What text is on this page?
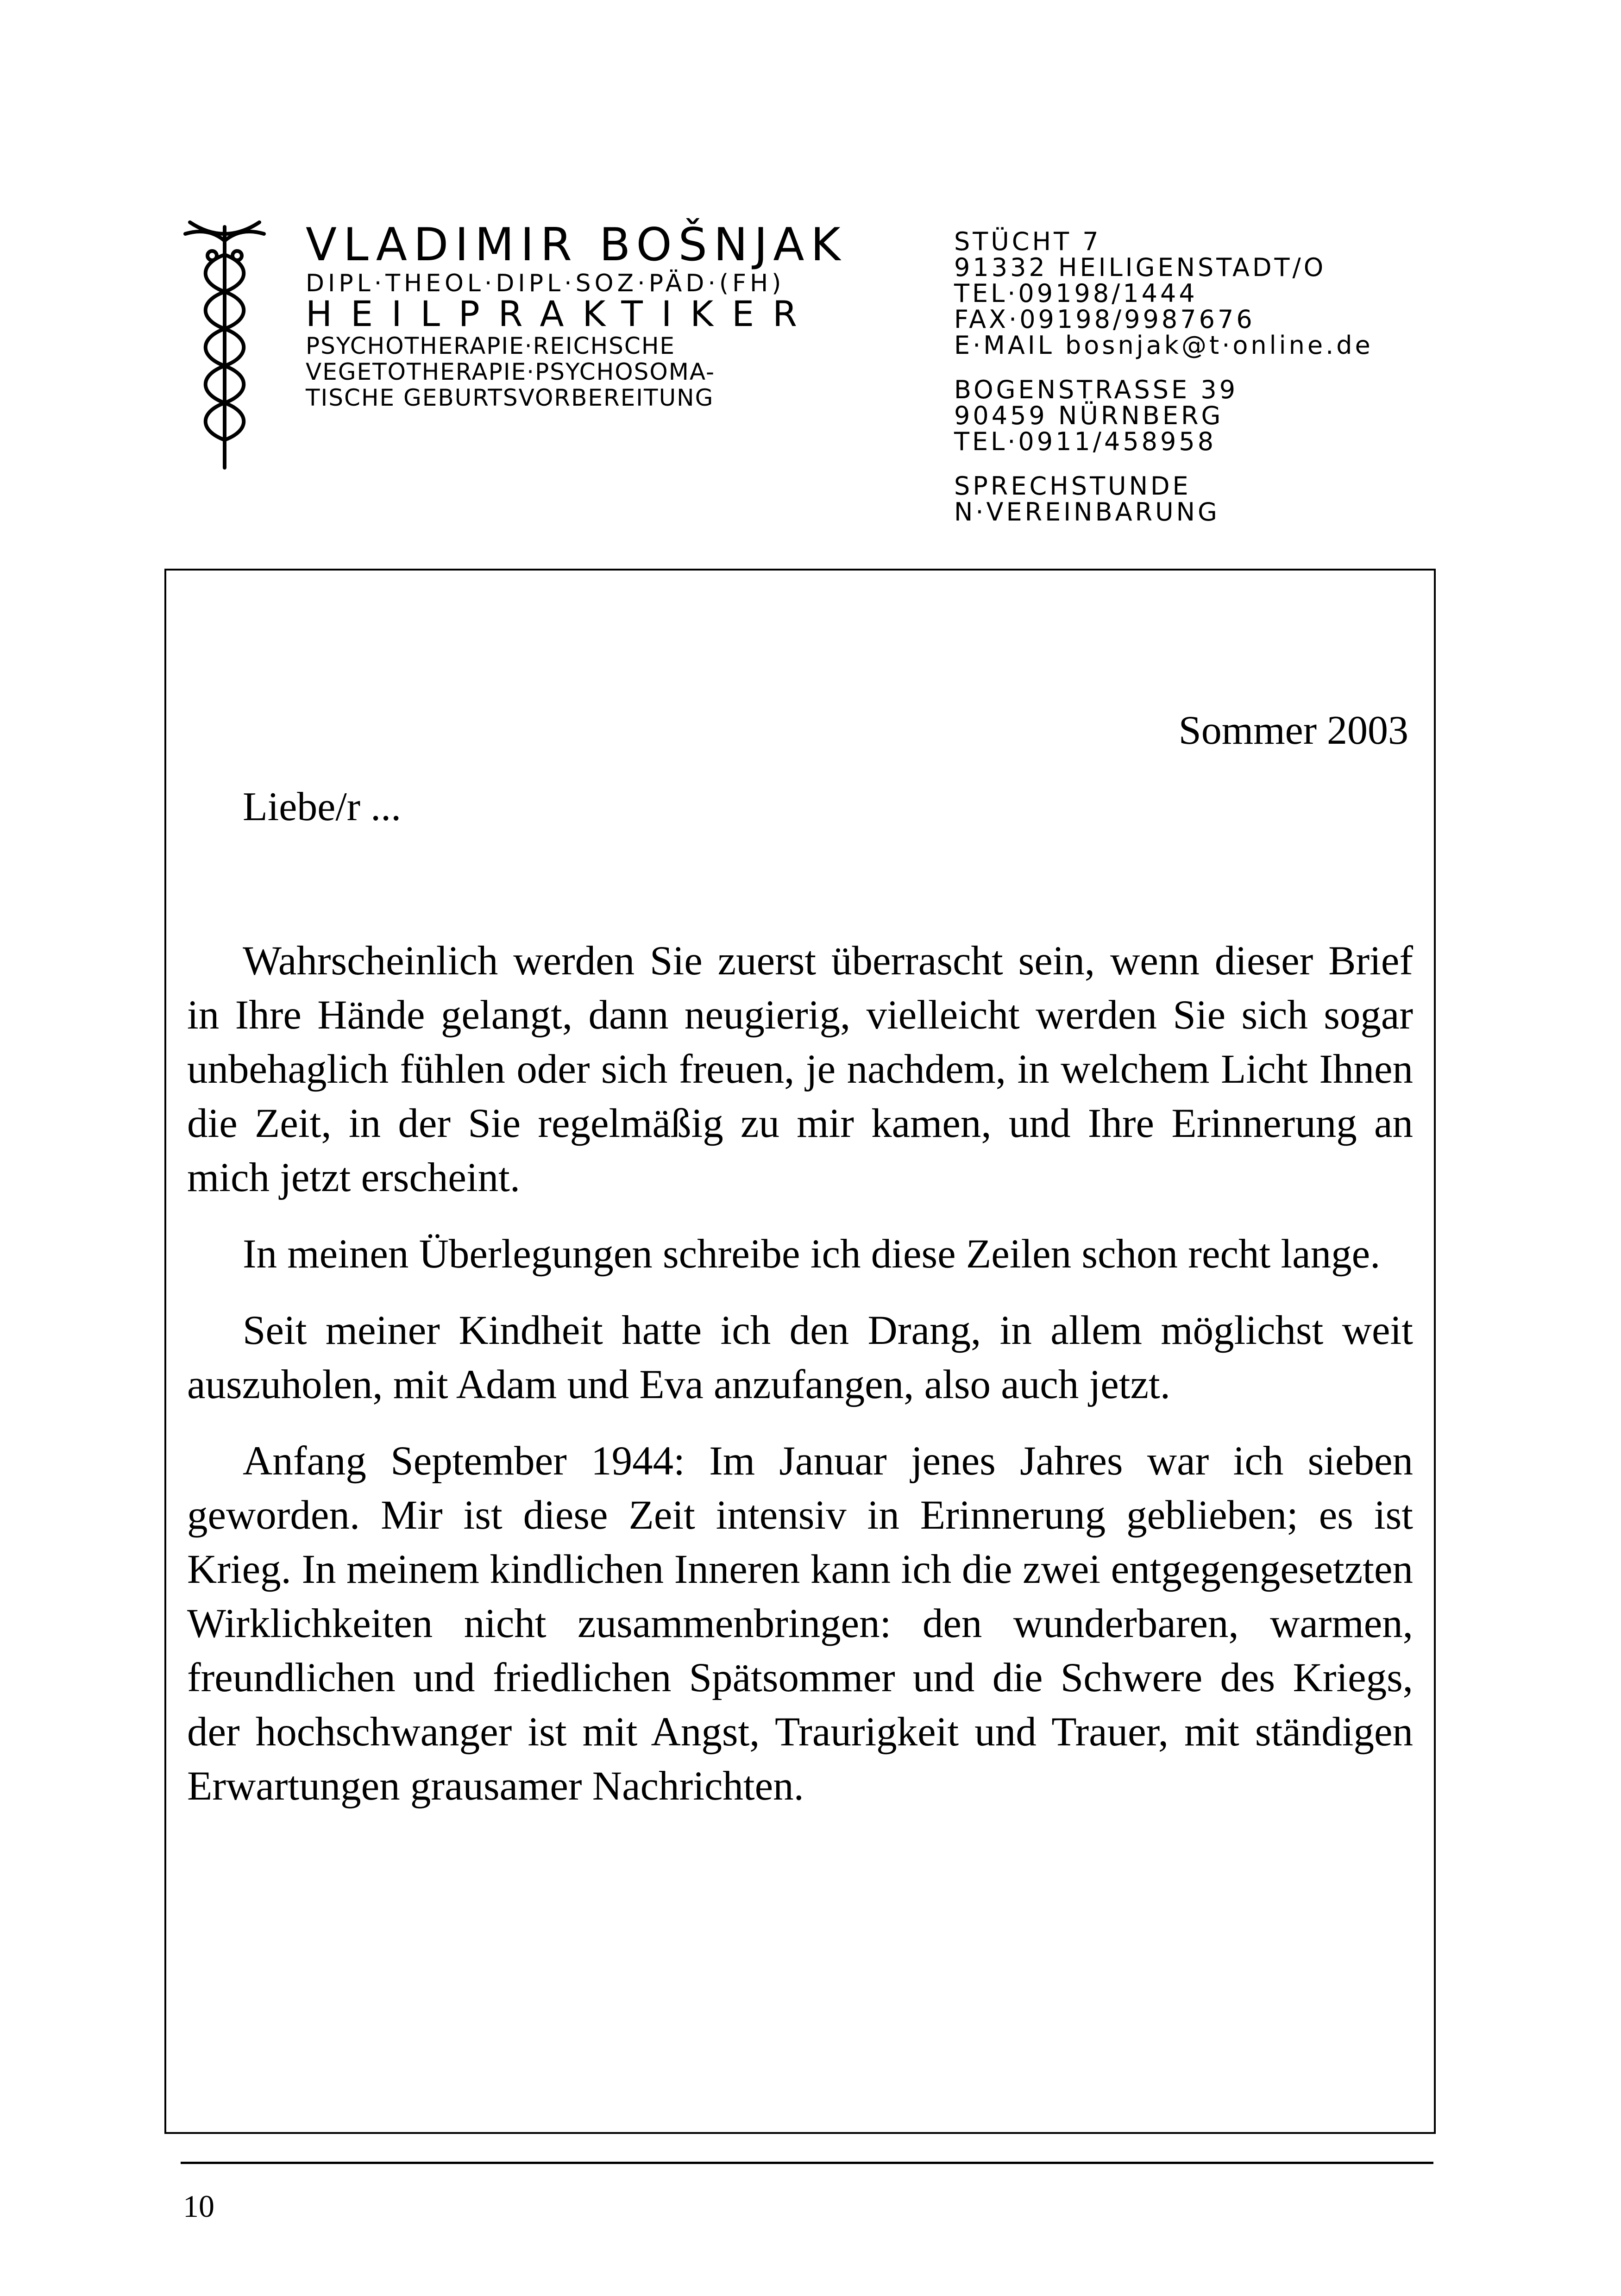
VLADIMIR BOŠNJAK
DIPL·THEOL·DIPL·SOZ·PÄD·(FH)
HEILPRAKTIKER
PSYCHOTHERAPIE·REICHSCHE
VEGETOTHERAPIE·PSYCHOSOMA-
TISCHE GEBURTSVORBEREITUNG
STÜCHT 7
91332 HEILIGENSTADT/O
TEL·09198/1444
FAX·09198/9987676
E·MAIL bosnjak@t·online.de
BOGENSTRASSE 39
90459 NÜRNBERG
TEL·0911/458958
SPRECHSTUNDE
N·VEREINBARUNG
Sommer 2003
Liebe/r ...

Wahrscheinlich werden Sie zuerst überrascht sein, wenn dieser Brief in Ihre Hände gelangt, dann neugierig, vielleicht werden Sie sich sogar unbehaglich fühlen oder sich freuen, je nachdem, in welchem Licht Ihnen die Zeit, in der Sie regelmäßig zu mir kamen, und Ihre Erinnerung an mich jetzt erscheint.

In meinen Überlegungen schreibe ich diese Zeilen schon recht lange.

Seit meiner Kindheit hatte ich den Drang, in allem möglichst weit auszuholen, mit Adam und Eva anzufangen, also auch jetzt.

Anfang September 1944: Im Januar jenes Jahres war ich sieben geworden. Mir ist diese Zeit intensiv in Erinnerung geblieben; es ist Krieg. In meinem kindlichen Inneren kann ich die zwei entgegengesetzten Wirklichkeiten nicht zusammenbringen: den wunderbaren, warmen, freundlichen und friedlichen Spätsommer und die Schwere des Kriegs, der hochschwanger ist mit Angst, Traurigkeit und Trauer, mit ständigen Erwartungen grausamer Nachrichten.

10
